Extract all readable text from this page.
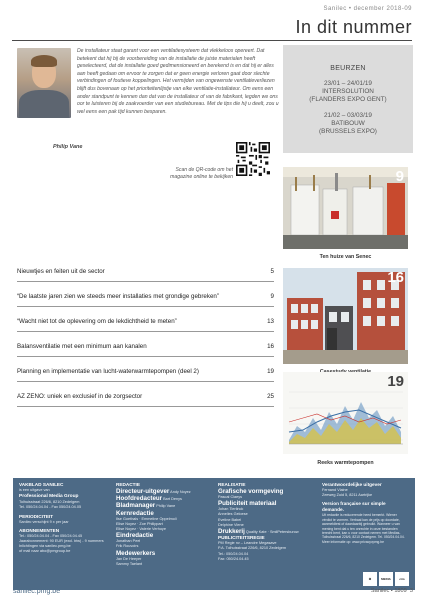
Sanilec • december 2018-09
In dit nummer
De installateur staat garant voor een ventilatiesysteem dat vlekkeloos opereert. Dat betekent dat hij bij de voorbereiding van de installatie de juiste materialen heeft geselecteerd, dat de installatie goed gedimensioneerd en berekend is en dat hij er alles aan heeft gedaan om ervoor te zorgen dat er geen energie verloren gaat door slechte verbindingen of foutieve koppelingen. Het vermijden van ongewenste ventilatieverliezen blijft dus bovenaan op het prioriteitenlijstje van elke ventilatie-installateur. Om eens een ander standpunt te kennen dan dat van de installateur of van de fabrikant, legden we ons oor te luisteren bij de zaakvoerder van een studiebureau. Met de tips die hij u deelt, zou u wel eens een pak tijd kunnen besparen.
Philip Vane
Scan de QR-code om het magazine online te bekijken
BEURZEN
23/01 – 24/01/19
INTERSOLUTION
(FLANDERS EXPO GENT)
21/02 – 03/03/19
BATIBOUW
(BRUSSELS EXPO)
9
Ten huize van Senec
16
19
Reeks warmtepompen
Nieuwtjes en feiten uit de sector	5
“De laatste jaren zien we steeds meer installaties met grondige gebreken”	9
“Wacht niet tot de oplevering om de lekdichtheid te meten”	13
Balansventilatie met een minimum aan kanalen	16
Planning en implementatie van lucht-waterwarmtepompen (deel 2)	19
AZ ZENO: uniek en exclusief in de zorgsector	25
VAKBLAD SANILEC
is een uitgave van
Professional Media Group
Tolhuisstraat 226/6, 8210 Zedelgem
Tel. 050/24.04.04 - Fax 050/24.04.05
PERIODICITEIT
Sanilec verschijnt 9 x per jaar
ABONNEMENTEN
Tel.: 050/24.04.04 - Fax 050/24.04.45
Jaarabonnement: 90 EUR (excl. btw) - 9 nummers
Inlichtingen via sanilec.pmg.be
of mail naar abo@pmgroup.be
REDACTIE
Directeur-uitgever Andy Noyez
Hoofdredacteur Bart Denys
Bladmanager Philip Vane
Kernredactie
Ilse Goethals · Emmeline Oppelmoli
Elise Noyez · Zoe Philippart
Elise Noyez · Valerie Verhoye
Eindredactie
Jonathan Peel
Frik Rouvoirs
Medewerkers
Jan De Heeyer
Sammy Taelant
REALISATIE
Grafische vormgeving
Pascal Claeys
Publiciteit materiaal
Johan Tierlinck
Annelies Geloese
Eveline Babel
Delphine Viene
Drukkerij Quality Kate · SmilPetersburow
PUBLICITEITSREGIE
PM Regie nv – Leandre Megasave
P.A. Tolhuisstraat 226/6, 8210 Zedelgem
Tel.: 050/24.04.04
Fax: 050/24.04.45
Verantwoordelijke uitgever
Fernand Vlaine
Zeeweg Zuid 5, 8211 Aartrijke
Version française sur simple demande.
Uit redactie is reducerende heed bemerkt. Wiener vérdict te vormen. Verbaal kan de prijs op doordate, aanmeldtest of daardaarbij gebruikt. Wanneer u van mening bent dat u ten onrechte in onze bestanden terecht bent, kan u voor contact nemen met Medias-Tolhuisstraat 226/6, 8210 Zedelgem. Tel. 050/24.04.04.
Meer informatie op: www.privacyvpmg.be
♻	MEDIA	cim
sanilec.pmg.be	Sanilec • 1809 3
